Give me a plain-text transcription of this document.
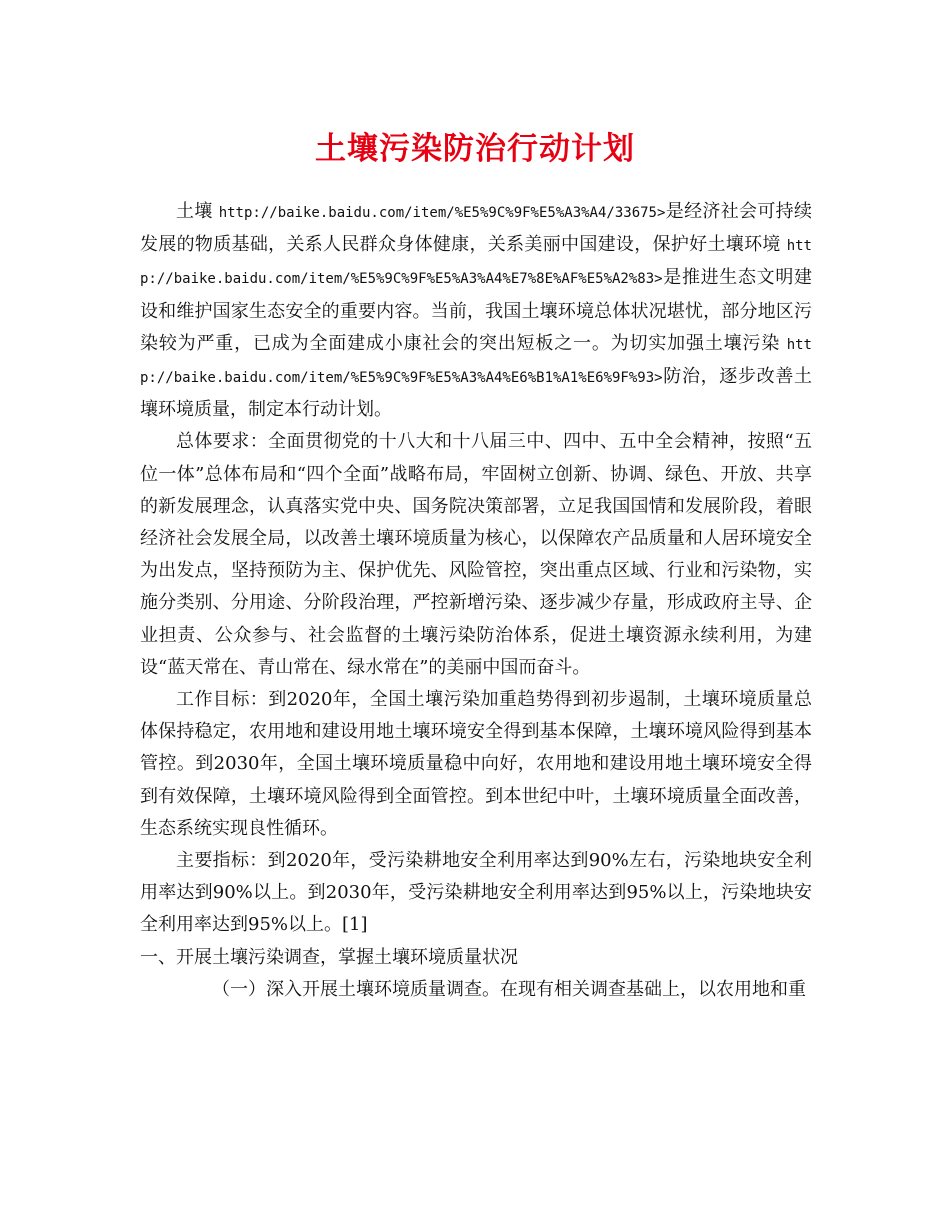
土壤污染防治行动计划

土壤 http://baike.baidu.com/item/%E5%9C%9F%E5%A3%A4/33675>是经济社会可持续发展的物质基础，关系人民群众身体健康，关系美丽中国建设，保护好土壤环境 http://baike.baidu.com/item/%E5%9C%9F%E5%A3%A4%E7%8E%AF%E5%A2%83>是推进生态文明建设和维护国家生态安全的重要内容。当前，我国土壤环境总体状况堪忧，部分地区污染较为严重，已成为全面建成小康社会的突出短板之一。为切实加强土壤污染 http://baike.baidu.com/item/%E5%9C%9F%E5%A3%A4%E6%B1%A1%E6%9F%93>防治，逐步改善土壤环境质量，制定本行动计划。

总体要求：全面贯彻党的十八大和十八届三中、四中、五中全会精神，按照“五位一体”总体布局和“四个全面”战略布局，牢固树立创新、协调、绿色、开放、共享的新发展理念，认真落实党中央、国务院决策部署，立足我国国情和发展阶段，着眼经济社会发展全局，以改善土壤环境质量为核心，以保障农产品质量和人居环境安全为出发点，坚持预防为主、保护优先、风险管控，突出重点区域、行业和污染物，实施分类别、分用途、分阶段治理，严控新增污染、逐步减少存量，形成政府主导、企业担责、公众参与、社会监督的土壤污染防治体系，促进土壤资源永续利用，为建设“蓝天常在、青山常在、绿水常在”的美丽中国而奋斗。

工作目标：到2020年，全国土壤污染加重趋势得到初步遏制，土壤环境质量总体保持稳定，农用地和建设用地土壤环境安全得到基本保障，土壤环境风险得到基本管控。到2030年，全国土壤环境质量稳中向好，农用地和建设用地土壤环境安全得到有效保障，土壤环境风险得到全面管控。到本世纪中叶，土壤环境质量全面改善，生态系统实现良性循环。

主要指标：到2020年，受污染耕地安全利用率达到90%左右，污染地块安全利用率达到90%以上。到2030年，受污染耕地安全利用率达到95%以上，污染地块安全利用率达到95%以上。[1]

一、开展土壤污染调查，掌握土壤环境质量状况

（一）深入开展土壤环境质量调查。在现有相关调查基础上，以农用地和重
